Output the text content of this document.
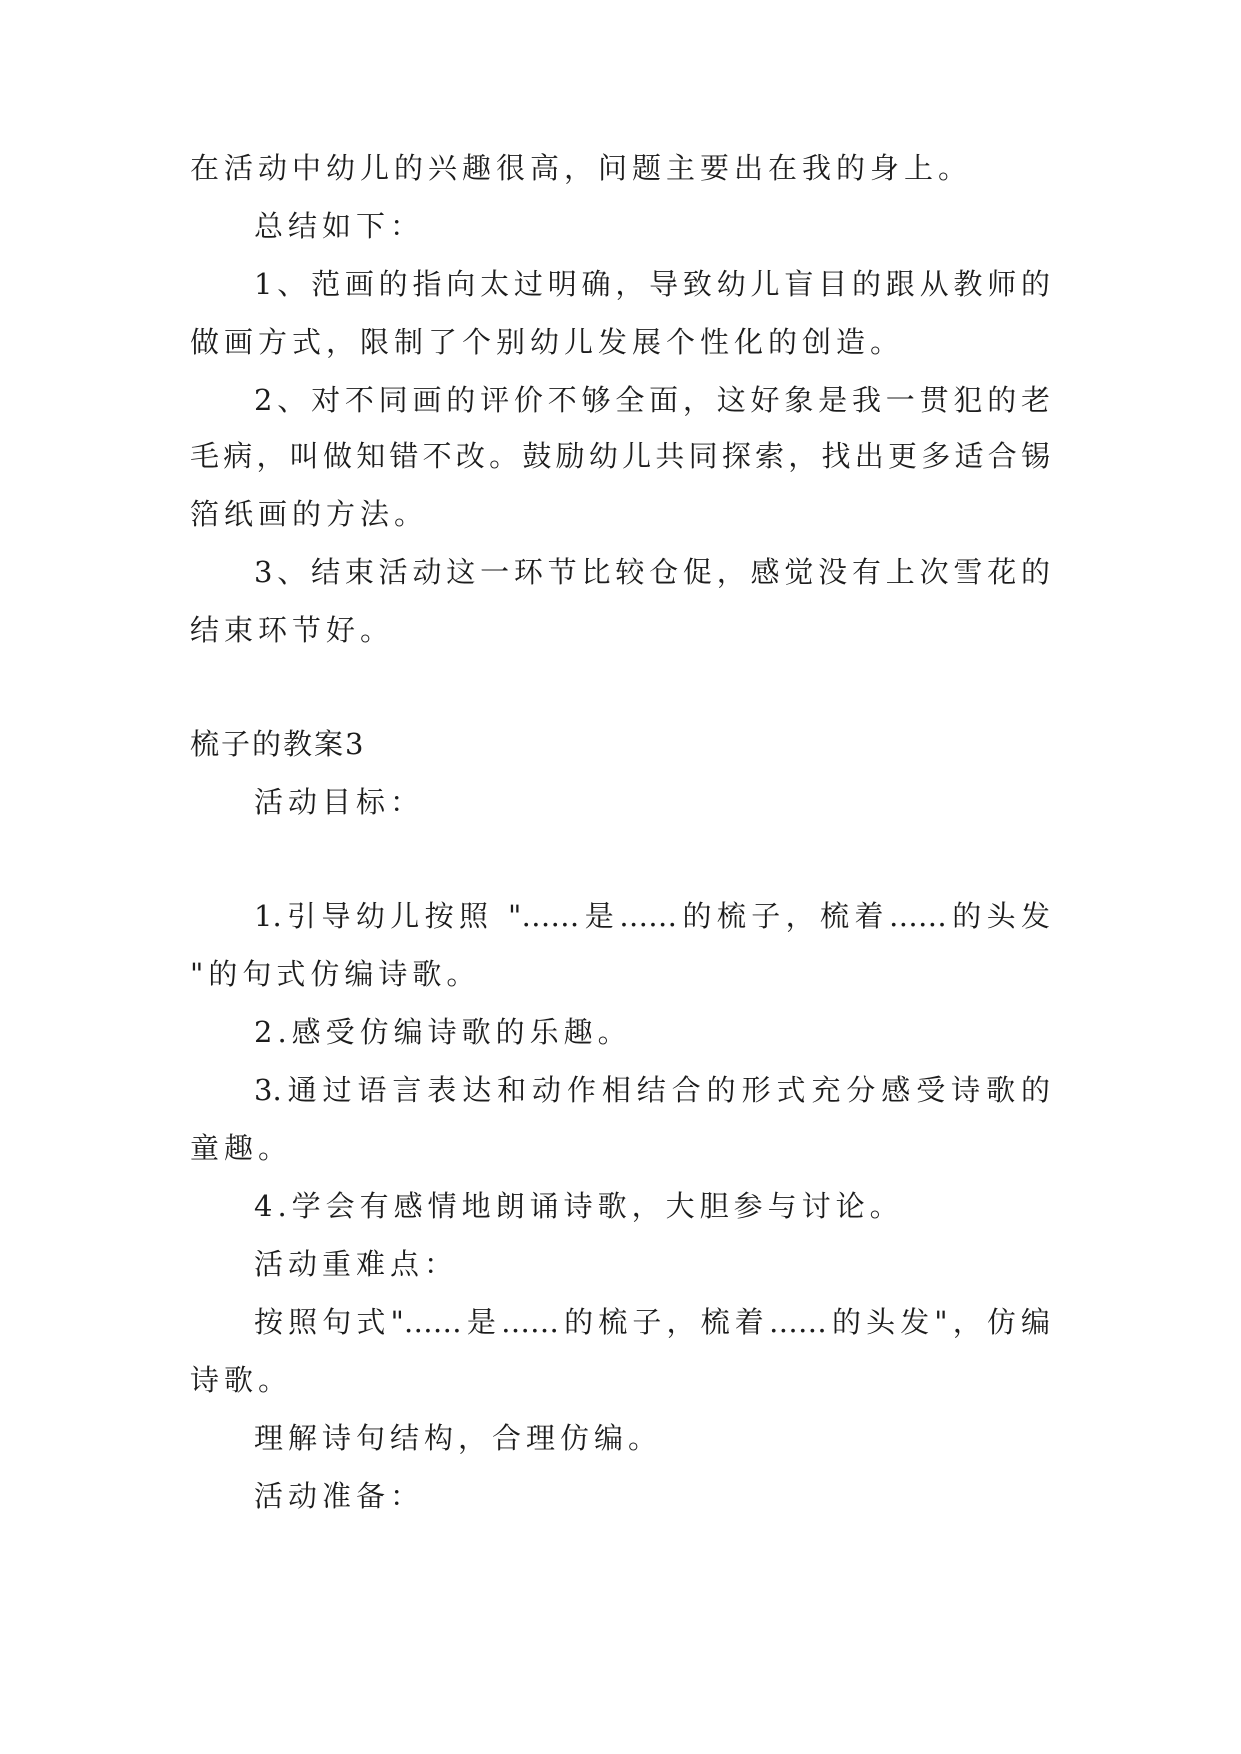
在活动中幼儿的兴趣很高，问题主要出在我的身上。

总结如下：

1、范画的指向太过明确，导致幼儿盲目的跟从教师的

做画方式，限制了个别幼儿发展个性化的创造。

2、对不同画的评价不够全面，这好象是我一贯犯的老

毛病，叫做知错不改。鼓励幼儿共同探索，找出更多适合锡

箔纸画的方法。

3、结束活动这一环节比较仓促，感觉没有上次雪花的

结束环节好。

梳子的教案3

活动目标：

1.引导幼儿按照 "……是……的梳子，梳着……的头发

"的句式仿编诗歌。

2.感受仿编诗歌的乐趣。

3.通过语言表达和动作相结合的形式充分感受诗歌的

童趣。

4.学会有感情地朗诵诗歌，大胆参与讨论。

活动重难点：

按照句式"……是……的梳子，梳着……的头发"，仿编

诗歌。

理解诗句结构，合理仿编。

活动准备：
